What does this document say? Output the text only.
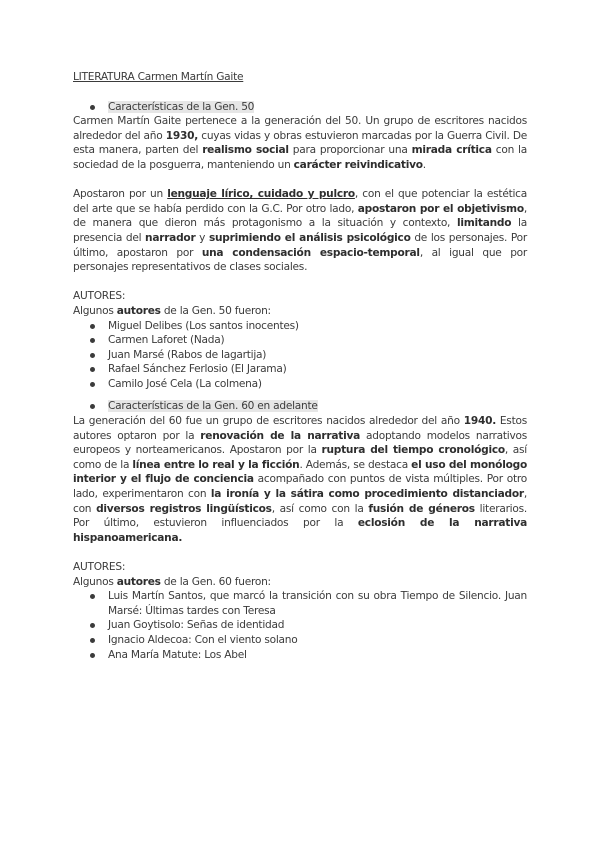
LITERATURA Carmen Martín Gaite

Características de la Gen. 50

Carmen Martín Gaite pertenece a la generación del 50. Un grupo de escritores nacidos alrededor del año 1930, cuyas vidas y obras estuvieron marcadas por la Guerra Civil. De esta manera, parten del realismo social para proporcionar una mirada crítica con la sociedad de la posguerra, manteniendo un carácter reivindicativo.

Apostaron por un lenguaje lírico, cuidado y pulcro, con el que potenciar la estética del arte que se había perdido con la G.C. Por otro lado, apostaron por el objetivismo, de manera que dieron más protagonismo a la situación y contexto, limitando la presencia del narrador y suprimiendo el análisis psicológico de los personajes. Por último, apostaron por una condensación espacio-temporal, al igual que por personajes representativos de clases sociales.

AUTORES:

Algunos autores de la Gen. 50 fueron:

Miguel Delibes (Los santos inocentes)
Carmen Laforet (Nada)
Juan Marsé (Rabos de lagartija)
Rafael Sánchez Ferlosio (El Jarama)
Camilo José Cela (La colmena)
Características de la Gen. 60 en adelante

La generación del 60 fue un grupo de escritores nacidos alrededor del año 1940. Estos autores optaron por la renovación de la narrativa adoptando modelos narrativos europeos y norteamericanos. Apostaron por la ruptura del tiempo cronológico, así como de la línea entre lo real y la ficción. Además, se destaca el uso del monólogo interior y el flujo de conciencia acompañado con puntos de vista múltiples. Por otro lado, experimentaron con la ironía y la sátira como procedimiento distanciador, con diversos registros lingüísticos, así como con la fusión de géneros literarios. Por último, estuvieron influenciados por la eclosión de la narrativa hispanoamericana.

AUTORES:

Algunos autores de la Gen. 60 fueron:

Luis Martín Santos, que marcó la transición con su obra Tiempo de Silencio. Juan Marsé: Últimas tardes con Teresa
Juan Goytisolo: Señas de identidad
Ignacio Aldecoa: Con el viento solano
Ana María Matute: Los Abel
